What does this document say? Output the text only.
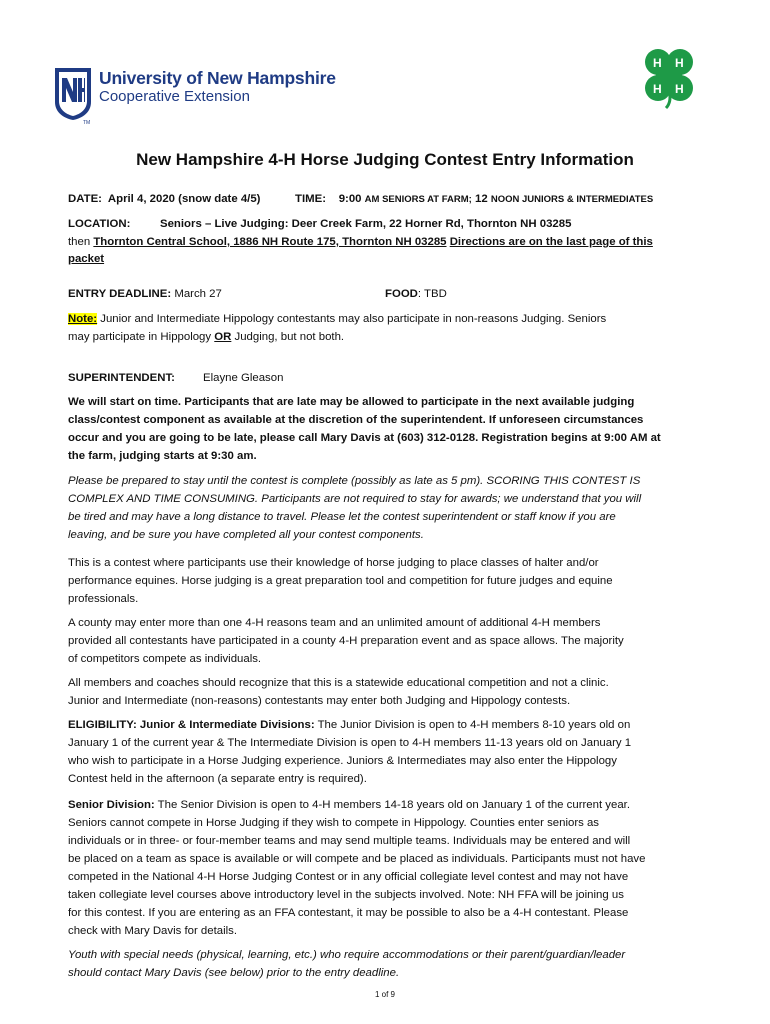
University of New Hampshire
Cooperative Extension
TM
H H
H H
New Hampshire 4-H Horse Judging Contest Entry Information
DATE: April 4, 2020 (snow date 4/5)	TIME: 9:00 AM SENIORS AT FARM; 12 NOON JUNIORS & INTERMEDIATES
LOCATION:	Seniors – Live Judging: Deer Creek Farm, 22 Horner Rd, Thornton NH 03285
then Thornton Central School, 1886 NH Route 175, Thornton NH 03285 Directions are on the last page of this
packet
ENTRY DEADLINE: March 27	FOOD: TBD
Note: Junior and Intermediate Hippology contestants may also participate in non-reasons Judging. Seniors
may participate in Hippology OR Judging, but not both.
SUPERINTENDENT: Elayne Gleason
We will start on time. Participants that are late may be allowed to participate in the next available judging
class/contest component as available at the discretion of the superintendent. If unforeseen circumstances
occur and you are going to be late, please call Mary Davis at (603) 312-0128. Registration begins at 9:00 AM at
the farm, judging starts at 9:30 am.
Please be prepared to stay until the contest is complete (possibly as late as 5 pm). SCORING THIS CONTEST IS
COMPLEX AND TIME CONSUMING. Participants are not required to stay for awards; we understand that you will
be tired and may have a long distance to travel. Please let the contest superintendent or staff know if you are
leaving, and be sure you have completed all your contest components.
This is a contest where participants use their knowledge of horse judging to place classes of halter and/or
performance equines. Horse judging is a great preparation tool and competition for future judges and equine
professionals.
A county may enter more than one 4-H reasons team and an unlimited amount of additional 4-H members
provided all contestants have participated in a county 4-H preparation event and as space allows. The majority
of competitors compete as individuals.
All members and coaches should recognize that this is a statewide educational competition and not a clinic.
Junior and Intermediate (non-reasons) contestants may enter both Judging and Hippology contests.
ELIGIBILITY: Junior & Intermediate Divisions: The Junior Division is open to 4-H members 8-10 years old on
January 1 of the current year & The Intermediate Division is open to 4-H members 11-13 years old on January 1
who wish to participate in a Horse Judging experience. Juniors & Intermediates may also enter the Hippology
Contest held in the afternoon (a separate entry is required).
Senior Division: The Senior Division is open to 4-H members 14-18 years old on January 1 of the current year.
Seniors cannot compete in Horse Judging if they wish to compete in Hippology. Counties enter seniors as
individuals or in three- or four-member teams and may send multiple teams. Individuals may be entered and will
be placed on a team as space is available or will compete and be placed as individuals. Participants must not have
competed in the National 4-H Horse Judging Contest or in any official collegiate level contest and may not have
taken collegiate level courses above introductory level in the subjects involved. Note: NH FFA will be joining us
for this contest. If you are entering as an FFA contestant, it may be possible to also be a 4-H contestant. Please
check with Mary Davis for details.
Youth with special needs (physical, learning, etc.) who require accommodations or their parent/guardian/leader
should contact Mary Davis (see below) prior to the entry deadline.
1 of 9
